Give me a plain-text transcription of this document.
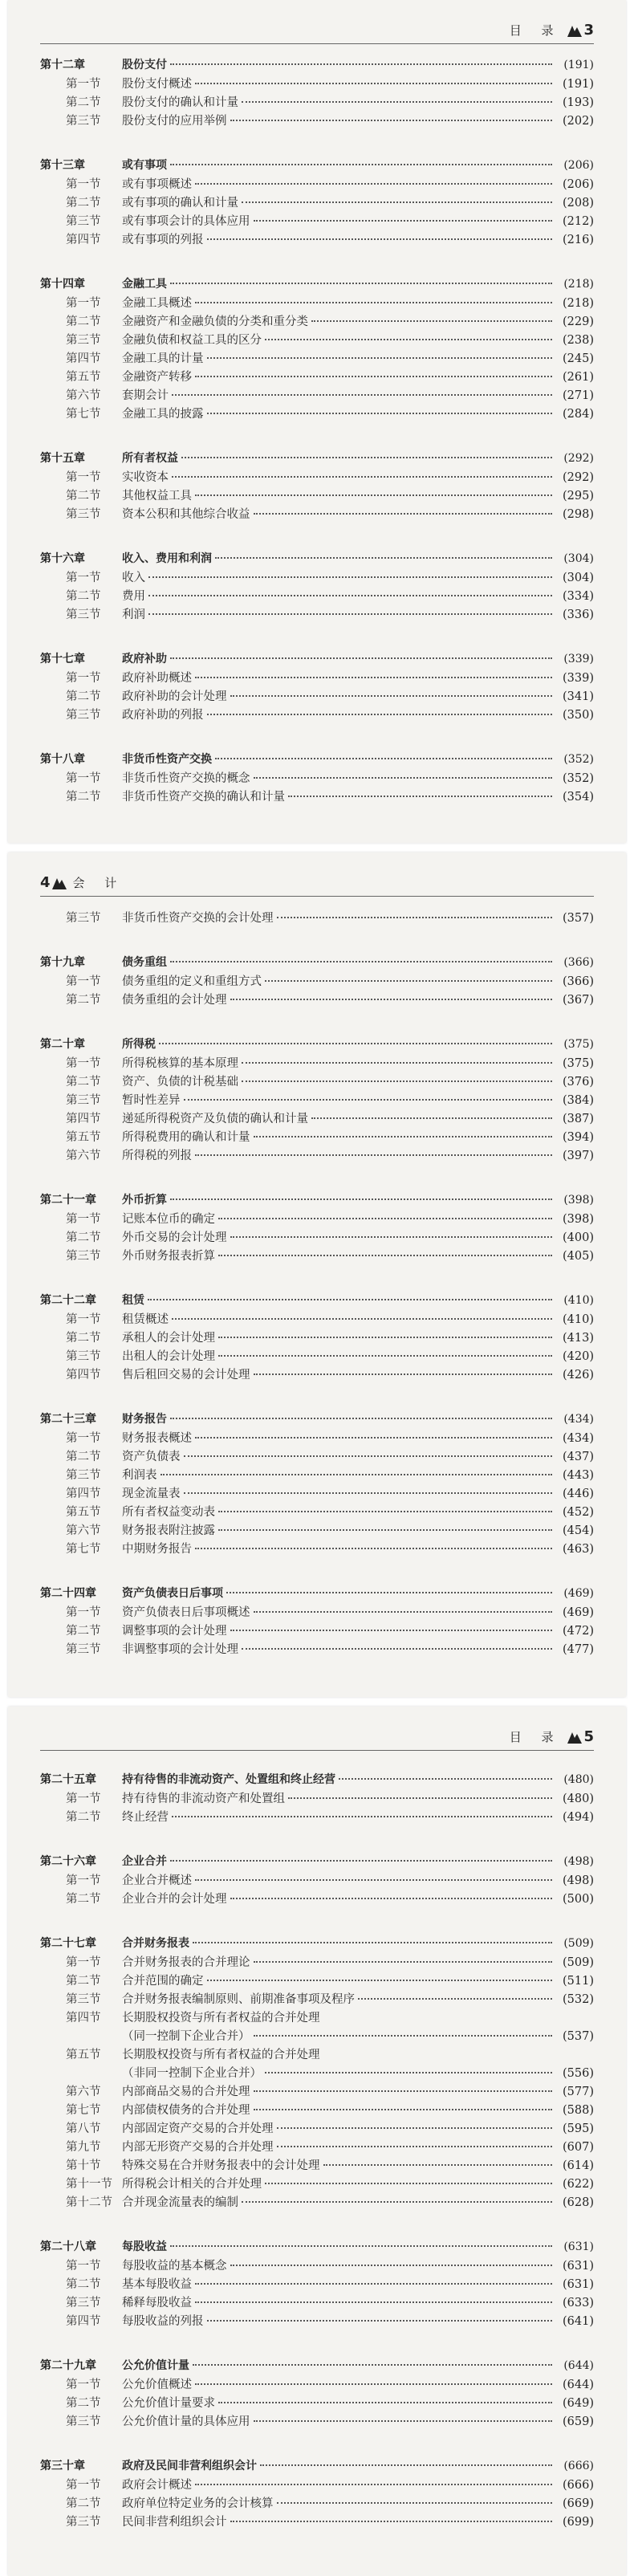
目 录 3
第十二章	股份支付	(191)
第一节	股份支付概述	(191)
第二节	股份支付的确认和计量	(193)
第三节	股份支付的应用举例	(202)
第十三章	或有事项	(206)
第一节	或有事项概述	(206)
第二节	或有事项的确认和计量	(208)
第三节	或有事项会计的具体应用	(212)
第四节	或有事项的列报	(216)
第十四章	金融工具	(218)
第一节	金融工具概述	(218)
第二节	金融资产和金融负债的分类和重分类	(229)
第三节	金融负债和权益工具的区分	(238)
第四节	金融工具的计量	(245)
第五节	金融资产转移	(261)
第六节	套期会计	(271)
第七节	金融工具的披露	(284)
第十五章	所有者权益	(292)
第一节	实收资本	(292)
第二节	其他权益工具	(295)
第三节	资本公积和其他综合收益	(298)
第十六章	收入、费用和利润	(304)
第一节	收入	(304)
第二节	费用	(334)
第三节	利润	(336)
第十七章	政府补助	(339)
第一节	政府补助概述	(339)
第二节	政府补助的会计处理	(341)
第三节	政府补助的列报	(350)
第十八章	非货币性资产交换	(352)
第一节	非货币性资产交换的概念	(352)
第二节	非货币性资产交换的确认和计量	(354)
4 会 计
第三节	非货币性资产交换的会计处理	(357)
第十九章	债务重组	(366)
第一节	债务重组的定义和重组方式	(366)
第二节	债务重组的会计处理	(367)
第二十章	所得税	(375)
第一节	所得税核算的基本原理	(375)
第二节	资产、负债的计税基础	(376)
第三节	暂时性差异	(384)
第四节	递延所得税资产及负债的确认和计量	(387)
第五节	所得税费用的确认和计量	(394)
第六节	所得税的列报	(397)
第二十一章	外币折算	(398)
第一节	记账本位币的确定	(398)
第二节	外币交易的会计处理	(400)
第三节	外币财务报表折算	(405)
第二十二章	租赁	(410)
第一节	租赁概述	(410)
第二节	承租人的会计处理	(413)
第三节	出租人的会计处理	(420)
第四节	售后租回交易的会计处理	(426)
第二十三章	财务报告	(434)
第一节	财务报表概述	(434)
第二节	资产负债表	(437)
第三节	利润表	(443)
第四节	现金流量表	(446)
第五节	所有者权益变动表	(452)
第六节	财务报表附注披露	(454)
第七节	中期财务报告	(463)
第二十四章	资产负债表日后事项	(469)
第一节	资产负债表日后事项概述	(469)
第二节	调整事项的会计处理	(472)
第三节	非调整事项的会计处理	(477)
目 录 5
第二十五章	持有待售的非流动资产、处置组和终止经营	(480)
第一节	持有待售的非流动资产和处置组	(480)
第二节	终止经营	(494)
第二十六章	企业合并	(498)
第一节	企业合并概述	(498)
第二节	企业合并的会计处理	(500)
第二十七章	合并财务报表	(509)
第一节	合并财务报表的合并理论	(509)
第二节	合并范围的确定	(511)
第三节	合并财务报表编制原则、前期准备事项及程序	(532)
第四节	长期股权投资与所有者权益的合并处理
（同一控制下企业合并）	(537)
第五节	长期股权投资与所有者权益的合并处理
（非同一控制下企业合并）	(556)
第六节	内部商品交易的合并处理	(577)
第七节	内部债权债务的合并处理	(588)
第八节	内部固定资产交易的合并处理	(595)
第九节	内部无形资产交易的合并处理	(607)
第十节	特殊交易在合并财务报表中的会计处理	(614)
第十一节 所得税会计相关的合并处理	(622)
第十二节 合并现金流量表的编制	(628)
第二十八章	每股收益	(631)
第一节	每股收益的基本概念	(631)
第二节	基本每股收益	(631)
第三节	稀释每股收益	(633)
第四节	每股收益的列报	(641)
第二十九章	公允价值计量	(644)
第一节	公允价值概述	(644)
第二节	公允价值计量要求	(649)
第三节	公允价值计量的具体应用	(659)
第三十章	政府及民间非营利组织会计	(666)
第一节	政府会计概述	(666)
第二节	政府单位特定业务的会计核算	(669)
第三节	民间非营利组织会计	(699)
